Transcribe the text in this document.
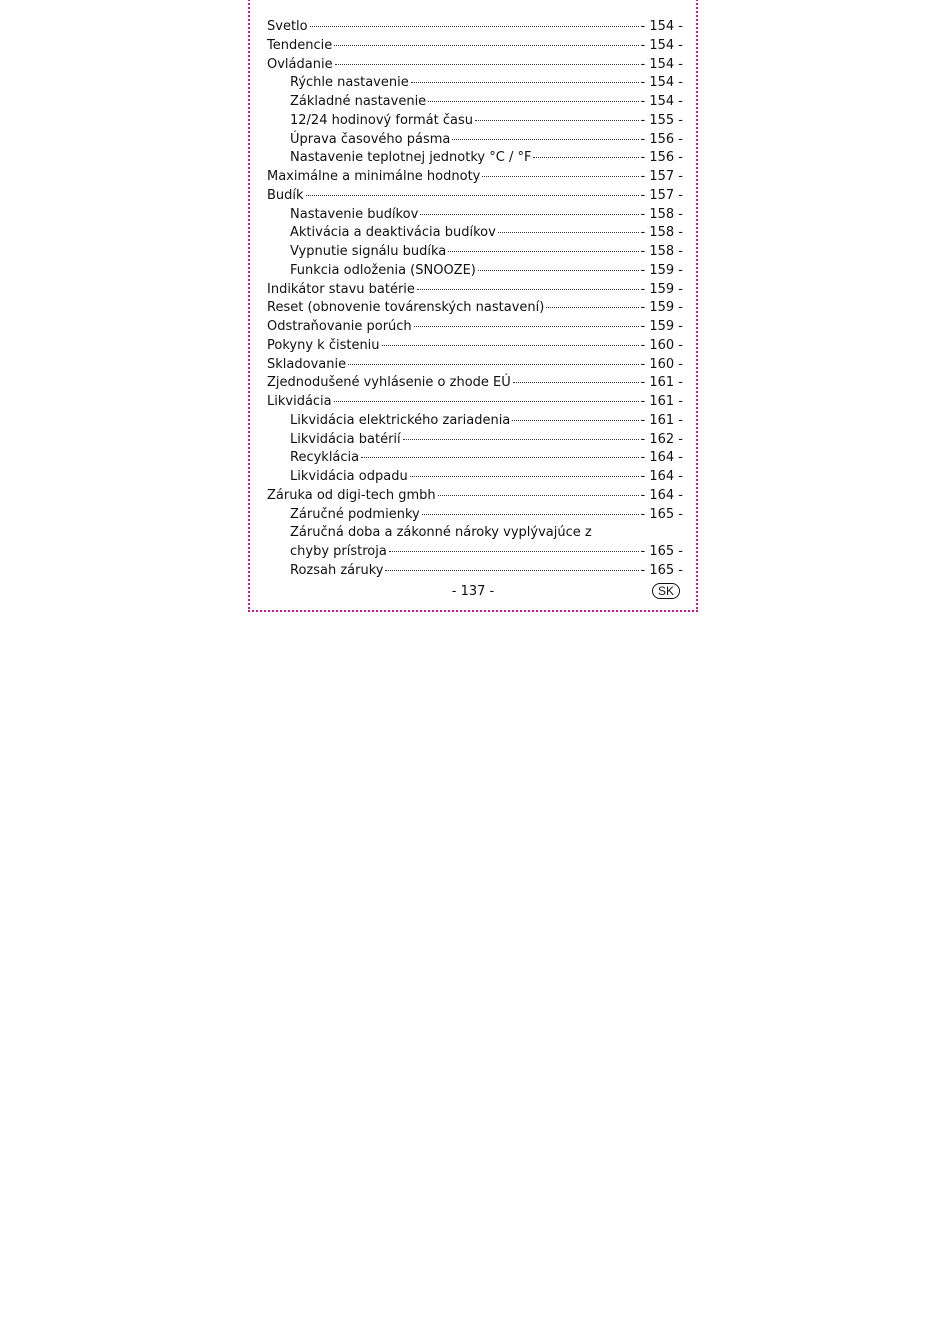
Svetlo	- 154 -
Tendencie	- 154 -
Ovládanie	- 154 -
Rýchle nastavenie	- 154 -
Základné nastavenie	- 154 -
12/24 hodinový formát času	- 155 -
Úprava časového pásma	- 156 -
Nastavenie teplotnej jednotky °C / °F	- 156 -
Maximálne a minimálne hodnoty	- 157 -
Budík	- 157 -
Nastavenie budíkov	- 158 -
Aktivácia a deaktivácia budíkov	- 158 -
Vypnutie signálu budíka	- 158 -
Funkcia odloženia (SNOOZE)	- 159 -
Indikátor stavu batérie	- 159 -
Reset (obnovenie továrenských nastavení)	- 159 -
Odstraňovanie porúch	- 159 -
Pokyny k čisteniu	- 160 -
Skladovanie	- 160 -
Zjednodušené vyhlásenie o zhode EÚ	- 161 -
Likvidácia	- 161 -
Likvidácia elektrického zariadenia	- 161 -
Likvidácia batérií	- 162 -
Recyklácia	- 164 -
Likvidácia odpadu	- 164 -
Záruka od digi-tech gmbh	- 164 -
Záručné podmienky	- 165 -
Záručná doba a zákonné nároky vyplývajúce z
chyby prístroja	- 165 -
Rozsah záruky	- 165 -
- 137 -	SK
